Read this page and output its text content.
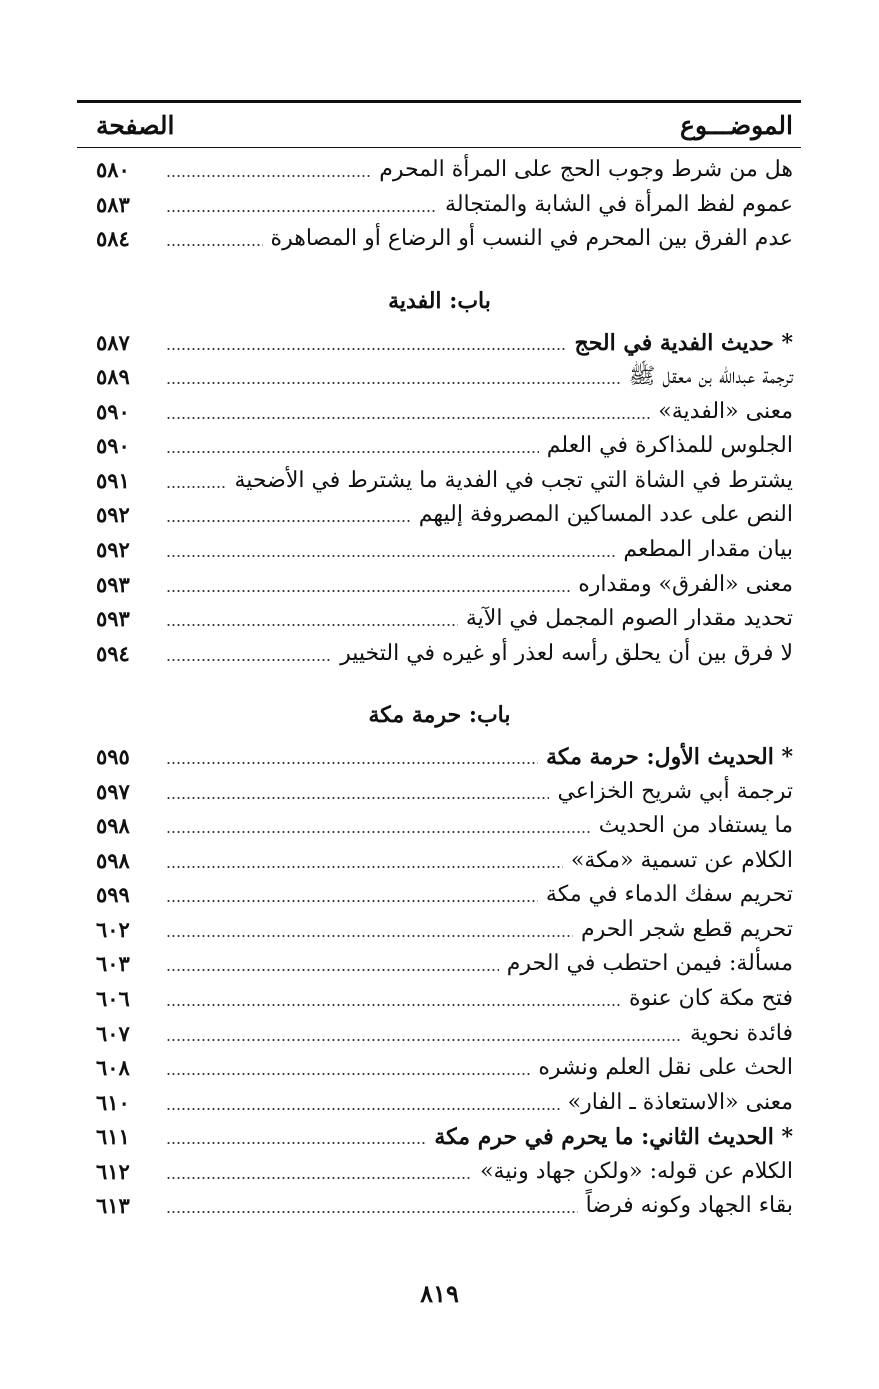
الموضـــوع
الصفحة
هل من شرط وجوب الحج على المرأة المحرم
٥٨٠
عموم لفظ المرأة في الشابة والمتجالة
٥٨٣
عدم الفرق بين المحرم في النسب أو الرضاع أو المصاهرة
٥٨٤
باب: الفدية
* حديث الفدية في الحج
٥٨٧
ترجمة عبدالله بن معقل ﷺ
٥٨٩
معنى «الفدية»
٥٩٠
الجلوس للمذاكرة في العلم
٥٩٠
يشترط في الشاة التي تجب في الفدية ما يشترط في الأضحية
٥٩١
النص على عدد المساكين المصروفة إليهم
٥٩٢
بيان مقدار المطعم
٥٩٢
معنى «الفرق» ومقداره
٥٩٣
تحديد مقدار الصوم المجمل في الآية
٥٩٣
لا فرق بين أن يحلق رأسه لعذر أو غيره في التخيير
٥٩٤
باب: حرمة مكة
* الحديث الأول: حرمة مكة
٥٩٥
ترجمة أبي شريح الخزاعي
٥٩٧
ما يستفاد من الحديث
٥٩٨
الكلام عن تسمية «مكة»
٥٩٨
تحريم سفك الدماء في مكة
٥٩٩
تحريم قطع شجر الحرم
٦٠٢
مسألة: فيمن احتطب في الحرم
٦٠٣
فتح مكة كان عنوة
٦٠٦
فائدة نحوية
٦٠٧
الحث على نقل العلم ونشره
٦٠٨
معنى «الاستعاذة ـ الفار»
٦١٠
* الحديث الثاني: ما يحرم في حرم مكة
٦١١
الكلام عن قوله: «ولكن جهاد ونية»
٦١٢
بقاء الجهاد وكونه فرضاً
٦١٣
٨١٩
